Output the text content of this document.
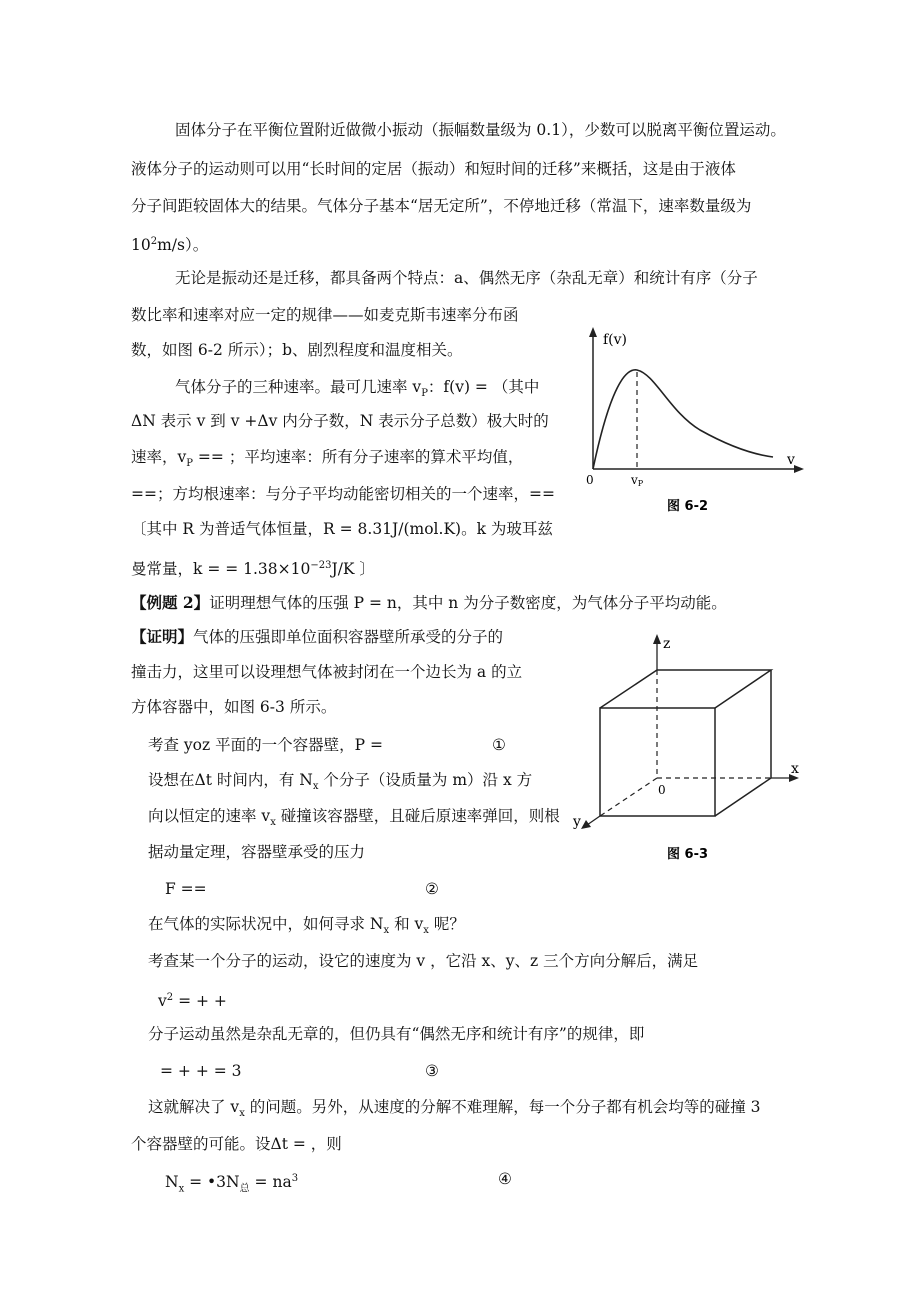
固体分子在平衡位置附近做微小振动（振幅数量级为 0.1），少数可以脱离平衡位置运动。
液体分子的运动则可以用“长时间的定居（振动）和短时间的迁移”来概括，这是由于液体
分子间距较固体大的结果。气体分子基本“居无定所”，不停地迁移（常温下，速率数量级为
$10^2m/s$）。
无论是振动还是迁移，都具备两个特点：a、偶然无序（杂乱无章）和统计有序（分子
数比率和速率对应一定的规律——如麦克斯韦速率分布函
数，如图 6-2 所示）；b、剧烈程度和温度相关。
气体分子的三种速率。最可几速率 $v_P$：f(v) = （其中
ΔN 表示 v 到 v +Δv 内分子数，N 表示分子总数）极大时的
速率，$v_P$ == ；平均速率：所有分子速率的算术平均值，
==；方均根速率：与分子平均动能密切相关的一个速率，==
〔其中 R 为普适气体恒量，R = 8.31J/(mol.K)。k 为玻耳兹
曼常量，k = = $1.38\times 10^{-23}J/K$ 〕
f(v)
v
0	vP
图 6-2
【例题 2】证明理想气体的压强 P = n，其中 n 为分子数密度，为气体分子平均动能。
【证明】气体的压强即单位面积容器壁所承受的分子的
撞击力，这里可以设理想气体被封闭在一个边长为 a 的立
方体容器中，如图 6-3 所示。
考查 yoz 平面的一个容器壁，P =	①
设想在Δt 时间内，有 $N_x$ 个分子（设质量为 m）沿 x 方
向以恒定的速率 $v_x$ 碰撞该容器壁，且碰后原速率弹回，则根
据动量定理，容器壁承受的压力
F ==	②
在气体的实际状况中，如何寻求 $N_x$ 和 $v_x$ 呢？
考查某一个分子的运动，设它的速度为 v ，它沿 x、y、z 三个方向分解后，满足
$v^2$ = + +
分子运动虽然是杂乱无章的，但仍具有“偶然无序和统计有序”的规律，即
= + + = 3	③
这就解决了 $v_x$ 的问题。另外，从速度的分解不难理解，每一个分子都有机会均等的碰撞 3
个容器壁的可能。设Δt = ，则
$N_x$ = $•3N_总 = na^3$	④
z
x
y
0
图 6-3
